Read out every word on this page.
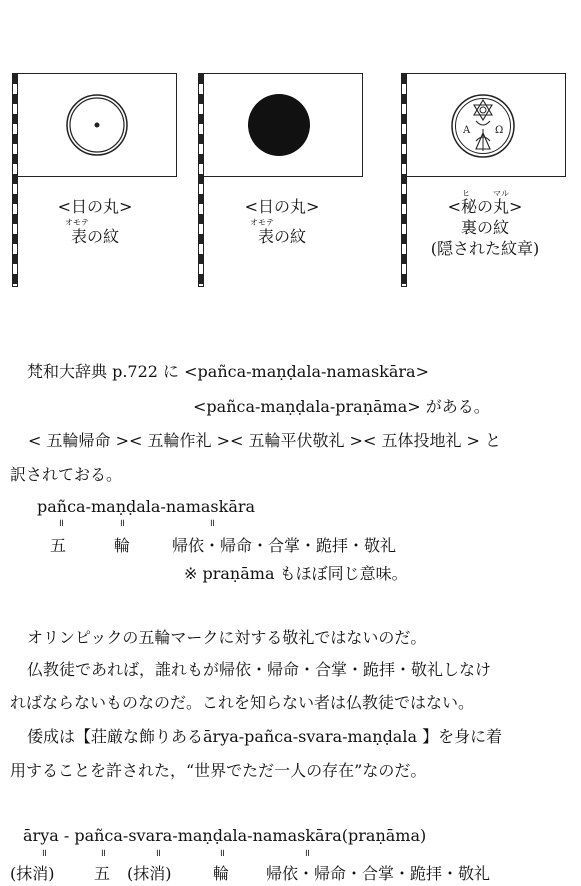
<日の丸>
オモテ
表の紋
<日の丸>
オモテ
表の紋
A Ω
ヒ	マル
<秘の丸>
裏の紋
(隠された紋章)
梵和大辞典 p.722 に <pañca-maṇḍala-namaskāra>
<pañca-maṇḍala-praṇāma> がある。
< 五輪帰命 >< 五輪作礼 >< 五輪平伏敬礼 >< 五体投地礼 > と
訳されておる。
pañca-maṇḍala-namaskāra
॥	॥	॥
五	輪	帰依・帰命・合掌・跪拝・敬礼
※ praṇāma もほぼ同じ意味。
オリンピックの五輪マークに対する敬礼ではないのだ。
仏教徒であれば，誰れもが帰依・帰命・合掌・跪拝・敬礼しなけ
ればならないものなのだ。これを知らない者は仏教徒ではない。
倭成は【荘厳な飾りあるārya-pañca-svara-maṇḍala 】を身に着
用することを許された，“世界でただ一人の存在”なのだ。
ārya - pañca-svara-maṇḍala-namaskāra(praṇāma)
॥	॥	॥	॥	॥
(抹消) 五 (抹消)	輪 帰依・帰命・合掌・跪拝・敬礼
